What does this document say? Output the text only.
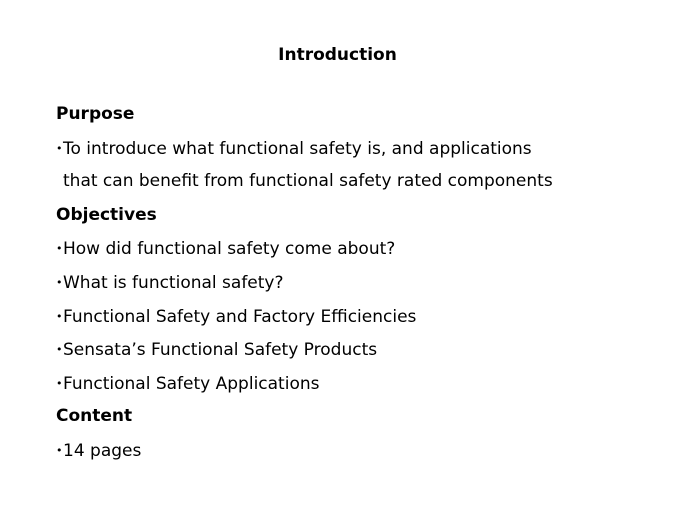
Introduction
Purpose
•To introduce what functional safety is, and applications
that can benefit from functional safety rated components
Objectives
•How did functional safety come about?
•What is functional safety?
•Functional Safety and Factory Efficiencies
•Sensata’s Functional Safety Products
•Functional Safety Applications
Content
•14 pages
